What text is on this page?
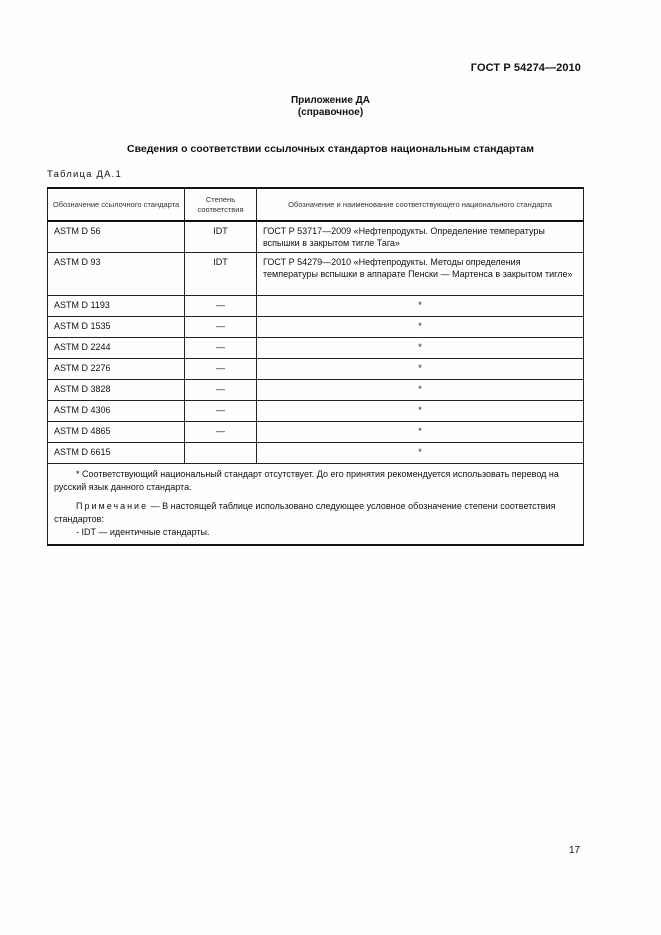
ГОСТ Р 54274—2010
Приложение ДА
(справочное)
Сведения о соответствии ссылочных стандартов национальным стандартам
Таблица ДА.1
Обозначение ссылочного стандарта	Степень соответствия	Обозначение и наименование соответствующего национального стандарта
ASTM D 56	IDT	ГОСТ Р 53717—2009 «Нефтепродукты. Определение температуры вспышки в закрытом тигле Тага»
ASTM D 93	IDT	ГОСТ Р 54279—2010 «Нефтепродукты. Методы определения температуры вспышки в аппарате Пенски — Мартенса в закрытом тигле»
ASTM D 1193	—	*
ASTM D 1535	—	*
ASTM D 2244	—	*
ASTM D 2276	—	*
ASTM D 3828	—	*
ASTM D 4306	—	*
ASTM D 4865	—	*
ASTM D 6615		*

* Соответствующий национальный стандарт отсутствует. До его принятия рекомендуется использовать перевод на русский язык данного стандарта.

Примечание — В настоящей таблице использовано следующее условное обозначение степени соответствия стандартов:

- IDT — идентичные стандарты.		

17
